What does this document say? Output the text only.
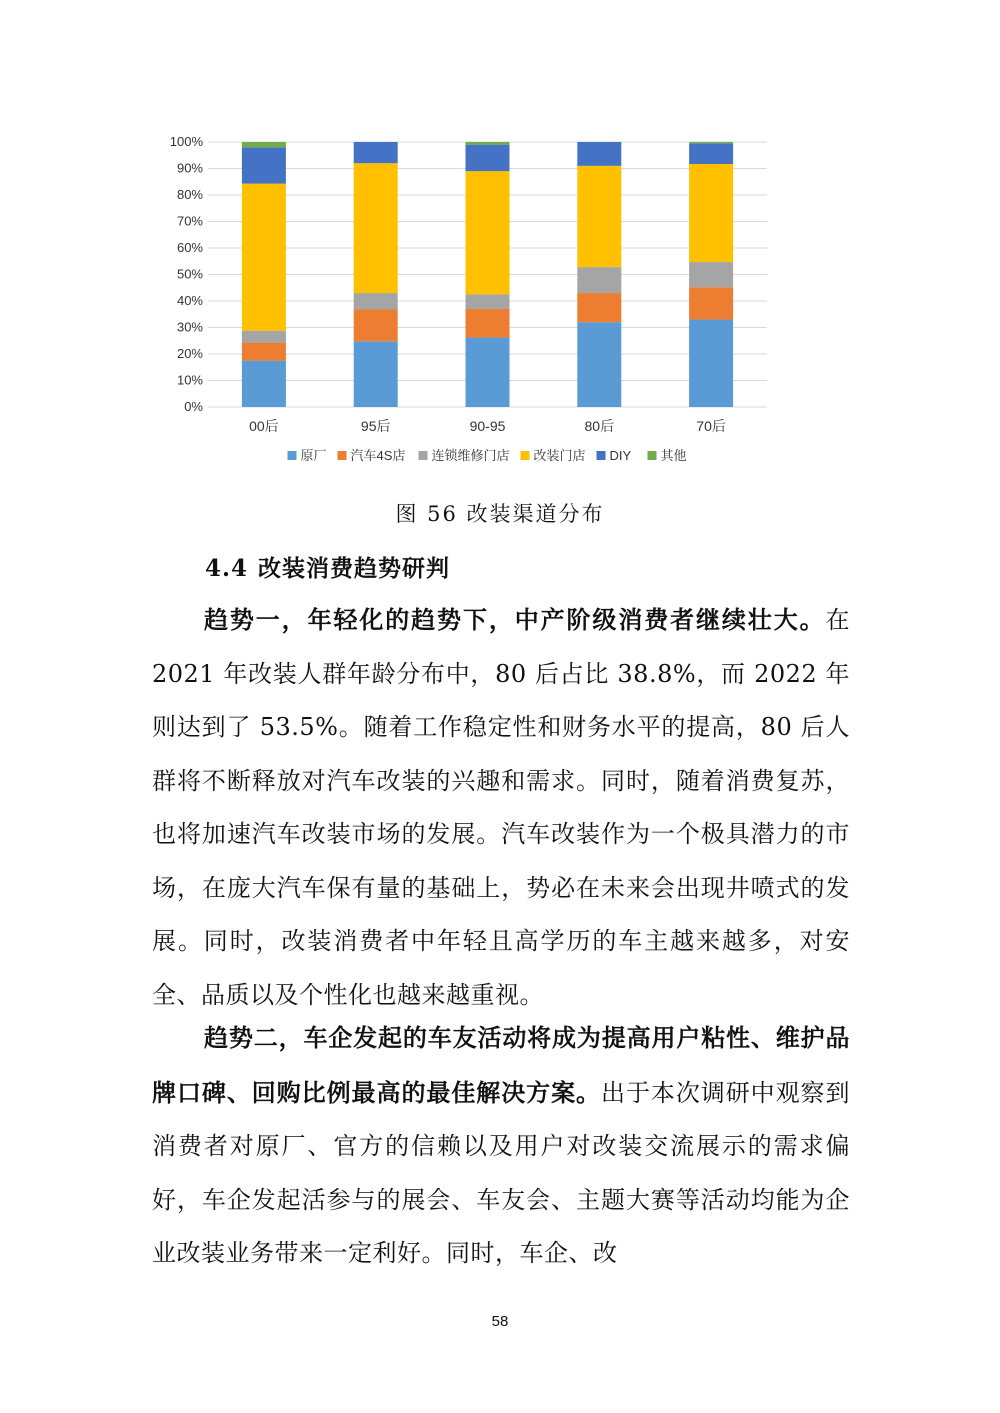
0%
10%
20%
30%
40%
50%
60%
70%
80%
90%
100%
00后	95后	90-95	80后	70后
原厂 汽车4S店 连锁维修门店 改装门店 DIY 其他
图 56 改装渠道分布
4.4 改装消费趋势研判

趋势一，年轻化的趋势下，中产阶级消费者继续壮大。在 2021 年改装人群年龄分布中，80 后占比 38.8%，而 2022 年则达到了 53.5%。随着工作稳定性和财务水平的提高，80 后人群将不断释放对汽车改装的兴趣和需求。同时，随着消费复苏，也将加速汽车改装市场的发展。汽车改装作为一个极具潜力的市场，在庞大汽车保有量的基础上，势必在未来会出现井喷式的发展。同时，改装消费者中年轻且高学历的车主越来越多，对安全、品质以及个性化也越来越重视。

趋势二，车企发起的车友活动将成为提高用户粘性、维护品牌口碑、回购比例最高的最佳解决方案。出于本次调研中观察到消费者对原厂、官方的信赖以及用户对改装交流展示的需求偏好，车企发起活参与的展会、车友会、主题大赛等活动均能为企业改装业务带来一定利好。同时，车企、改

58
